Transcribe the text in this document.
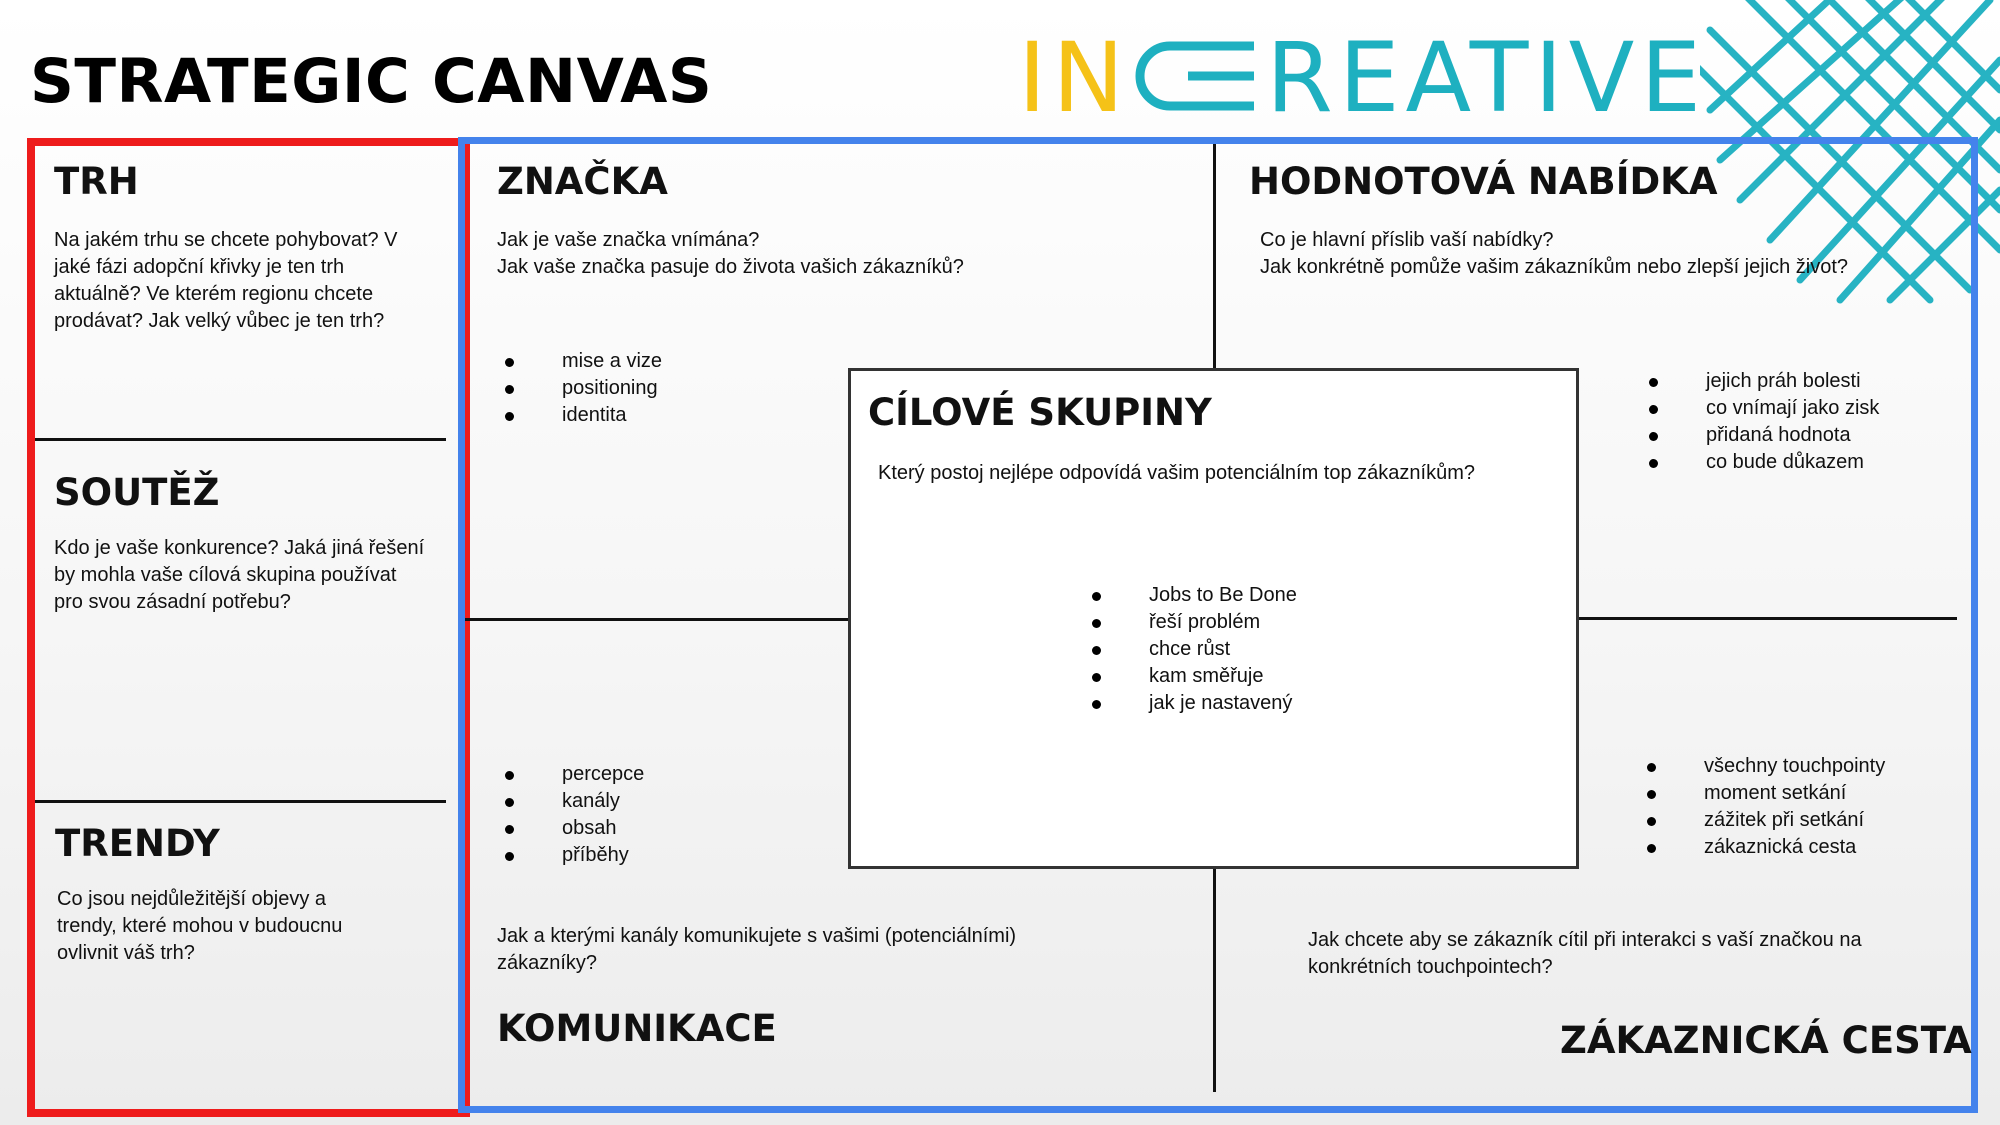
STRATEGIC CANVAS	IN REATIVE
TRH
Na jakém trhu se chcete pohybovat? V jaké fázi adopční křivky je ten trh aktuálně? Ve kterém regionu chcete prodávat? Jak velký vůbec je ten trh?
SOUTĚŽ
Kdo je vaše konkurence? Jaká jiná řešení by mohla vaše cílová skupina používat pro svou zásadní potřebu?
TRENDY
Co jsou nejdůležitější objevy a trendy, které mohou v budoucnu ovlivnit váš trh?
ZNAČKA
Jak je vaše značka vnímána?
Jak vaše značka pasuje do života vašich zákazníků?
mise a vize
positioning
identita
HODNOTOVÁ NABÍDKA
Co je hlavní příslib vaší nabídky?
Jak konkrétně pomůže vašim zákazníkům nebo zlepší jejich život?
jejich práh bolesti
co vnímají jako zisk
přidaná hodnota
co bude důkazem
CÍLOVÉ SKUPINY
Který postoj nejlépe odpovídá vašim potenciálním top zákazníkům?
Jobs to Be Done
řeší problém
chce růst
kam směřuje
jak je nastavený
percepce
kanály
obsah
příběhy
Jak a kterými kanály komunikujete s vašimi (potenciálními) zákazníky?
KOMUNIKACE
všechny touchpointy
moment setkání
zážitek při setkání
zákaznická cesta
Jak chcete aby se zákazník cítil při interakci s vaší značkou na konkrétních touchpointech?
ZÁKAZNICKÁ CESTA
